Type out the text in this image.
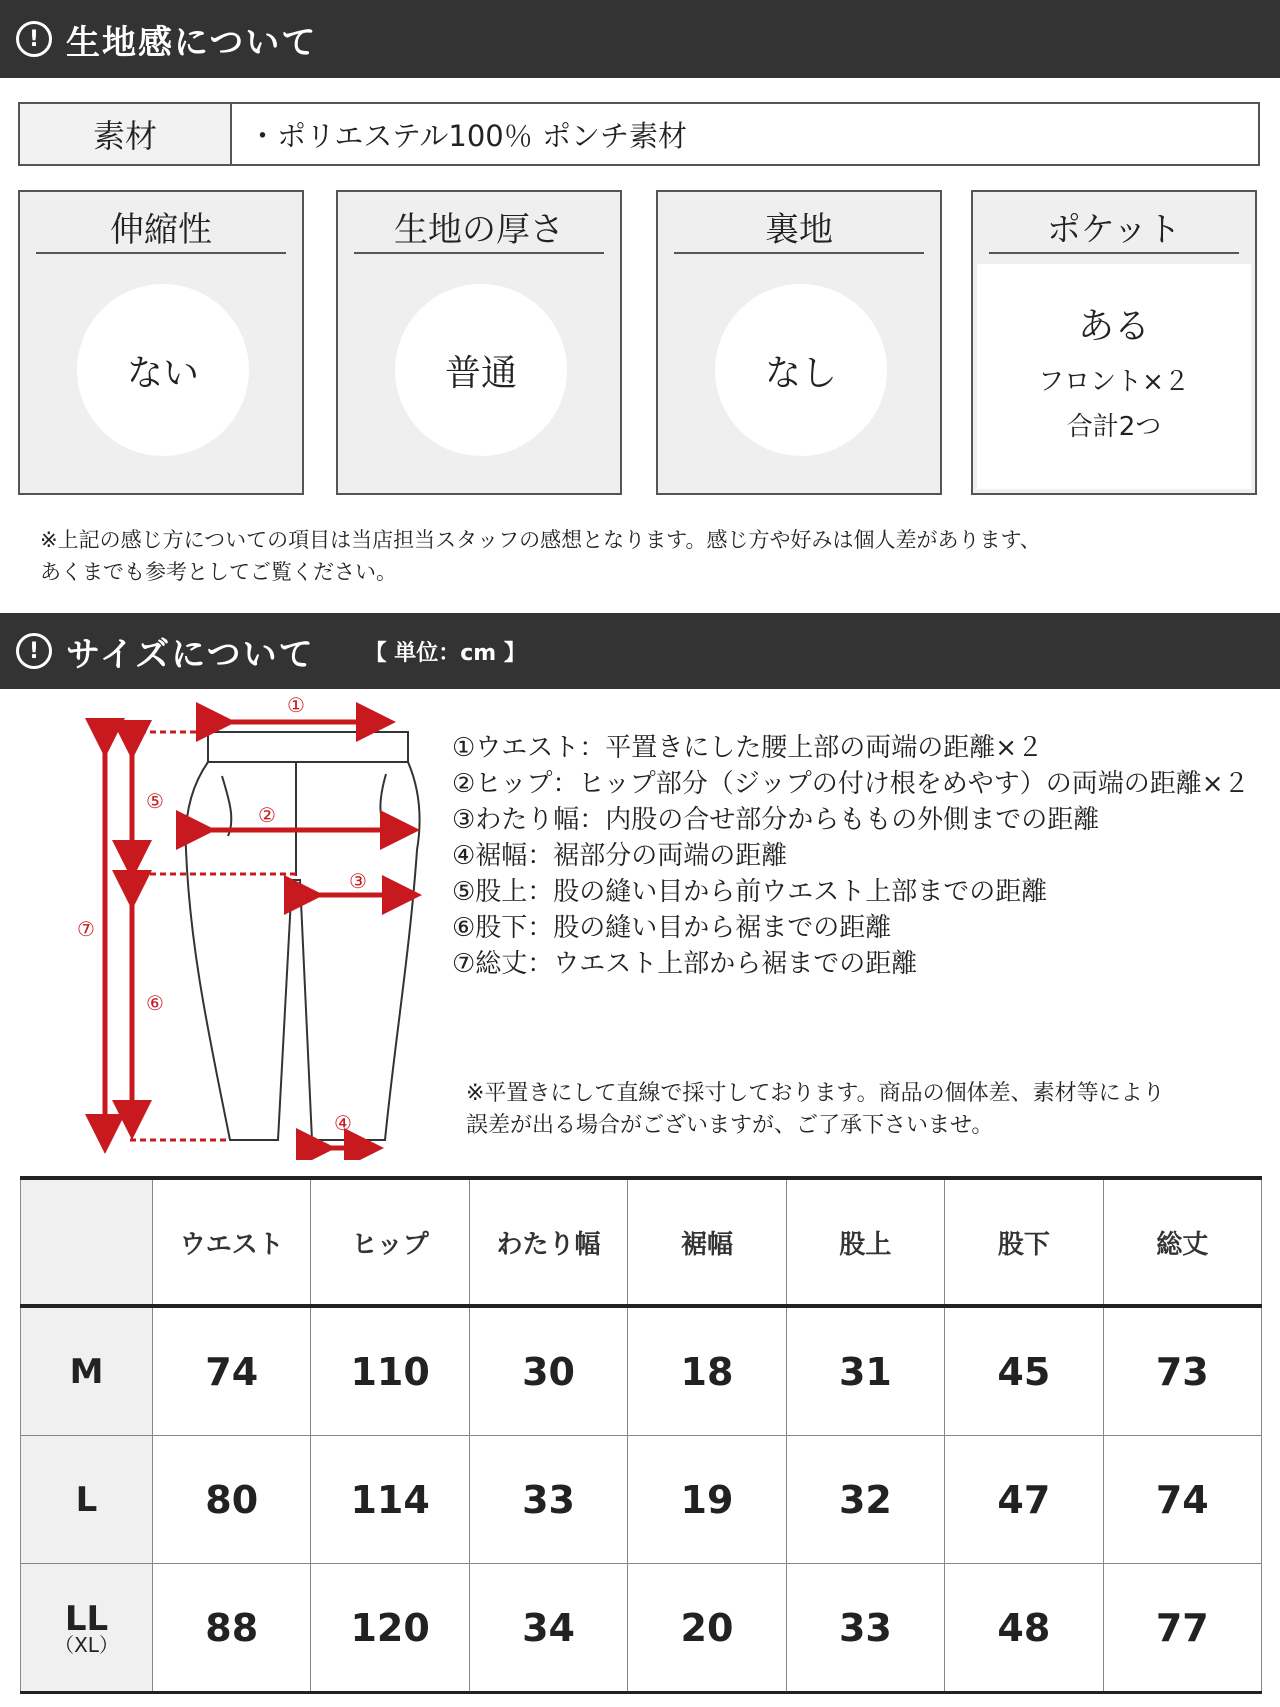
! 生地感について
素材	・ポリエステル100％ ポンチ素材
伸縮性
ない
生地の厚さ
普通
裏地
なし
ポケット
ある
フロント×２
合計2つ
※上記の感じ方についての項目は当店担当スタッフの感想となります。感じ方や好みは個人差があります、
あくまでも参考としてご覧ください。
! サイズについて 【 単位：cm 】
①
②
③
④
⑤
⑥
⑦
①ウエスト：平置きにした腰上部の両端の距離×２
②ヒップ：ヒップ部分（ジップの付け根をめやす）の両端の距離×２
③わたり幅：内股の合せ部分からももの外側までの距離
④裾幅：裾部分の両端の距離
⑤股上：股の縫い目から前ウエスト上部までの距離
⑥股下：股の縫い目から裾までの距離
⑦総丈：ウエスト上部から裾までの距離
※平置きにして直線で採寸しております。商品の個体差、素材等により
誤差が出る場合がございますが、ご了承下さいませ。
	ウエスト	ヒップ	わたり幅	裾幅	股上	股下	総丈
M	74	110	30	18	31	45	73
L	80	114	33	19	32	47	74

LL
（XL）	88	120	34	20	33	48	77
